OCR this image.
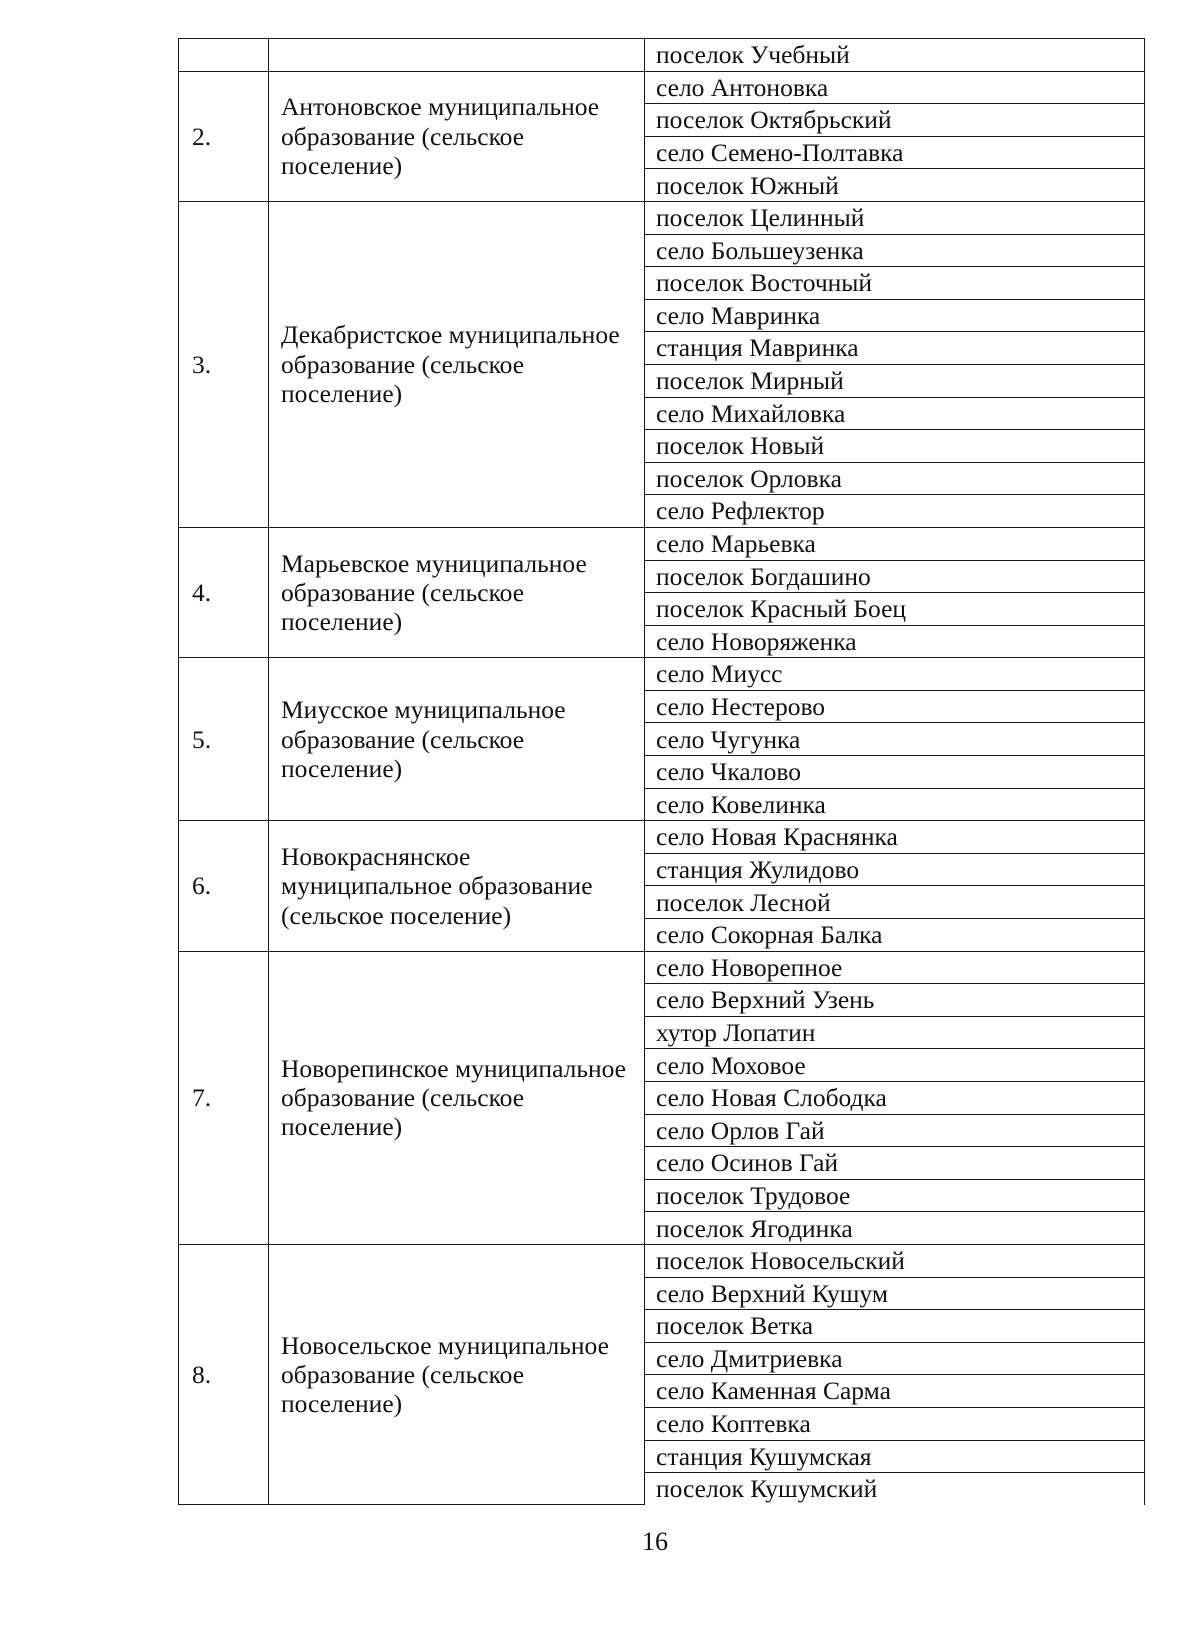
		поселок Учебный
2.	Антоновское муниципальное образование (сельское поселение)	село Антоновка
		поселок Октябрьский
		село Семено-Полтавка
		поселок Южный
3.	Декабристское муниципальное образование (сельское поселение)	поселок Целинный
		село Большеузенка
		поселок Восточный
		село Мавринка
		станция Мавринка
		поселок Мирный
		село Михайловка
		поселок Новый
		поселок Орловка
		село Рефлектор
4.	Марьевское муниципальное образование (сельское поселение)	село Марьевка
		поселок Богдашино
		поселок Красный Боец
		село Новоряженка
5.	Миусское муниципальное образование (сельское поселение)	село Миусс
		село Нестерово
		село Чугунка
		село Чкалово
		село Ковелинка
6.	Новокраснянское муниципальное образование (сельское поселение)	село Новая Краснянка
		станция Жулидово
		поселок Лесной
		село Сокорная Балка
7.	Новорепинское муниципальное образование (сельское поселение)	село Новорепное
		село Верхний Узень
		хутор Лопатин
		село Моховое
		село Новая Слободка
		село Орлов Гай
		село Осинов Гай
		поселок Трудовое
		поселок Ягодинка
8.	Новосельское муниципальное образование (сельское поселение)	поселок Новосельский
		село Верхний Кушум
		поселок Ветка
		село Дмитриевка
		село Каменная Сарма
		село Коптевка
		станция Кушумская
		поселок Кушумский
16
